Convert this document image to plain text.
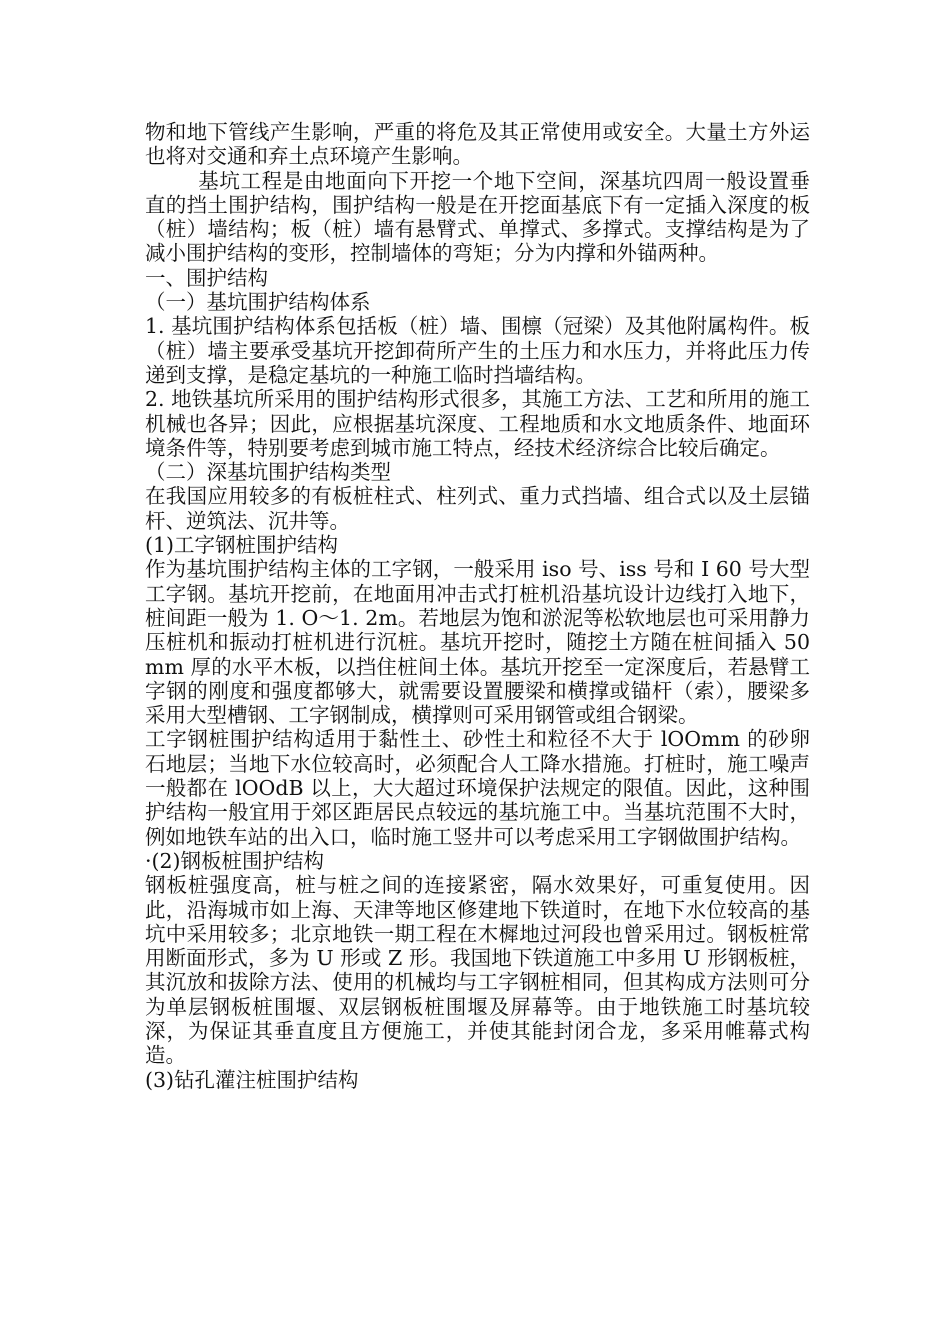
物和地下管线产生影响，严重的将危及其正常使用或安全。大量土方外运也将对交通和弃土点环境产生影响。

基坑工程是由地面向下开挖一个地下空间，深基坑四周一般设置垂直的挡土围护结构，围护结构一般是在开挖面基底下有一定插入深度的板（桩）墙结构；板（桩）墙有悬臂式、单撑式、多撑式。支撑结构是为了减小围护结构的变形，控制墙体的弯矩；分为内撑和外锚两种。

一、围护结构

（一）基坑围护结构体系

1. 基坑围护结构体系包括板（桩）墙、围檩（冠梁）及其他附属构件。板（桩）墙主要承受基坑开挖卸荷所产生的土压力和水压力，并将此压力传递到支撑，是稳定基坑的一种施工临时挡墙结构。

2. 地铁基坑所采用的围护结构形式很多，其施工方法、工艺和所用的施工机械也各异；因此，应根据基坑深度、工程地质和水文地质条件、地面环境条件等，特别要考虑到城市施工特点，经技术经济综合比较后确定。

（二）深基坑围护结构类型

在我国应用较多的有板桩柱式、柱列式、重力式挡墙、组合式以及土层锚杆、逆筑法、沉井等。

(1)工字钢桩围护结构

作为基坑围护结构主体的工字钢，一般采用 iso 号、iss 号和 I 60 号大型工字钢。基坑开挖前，在地面用冲击式打桩机沿基坑设计边线打入地下，桩间距一般为 1. O～1. 2m。若地层为饱和淤泥等松软地层也可采用静力压桩机和振动打桩机进行沉桩。基坑开挖时，随挖土方随在桩间插入 50mm 厚的水平木板，以挡住桩间土体。基坑开挖至一定深度后，若悬臂工字钢的刚度和强度都够大，就需要设置腰梁和横撑或锚杆（索），腰梁多采用大型槽钢、工字钢制成，横撑则可采用钢管或组合钢梁。

工字钢桩围护结构适用于黏性土、砂性土和粒径不大于 lOOmm 的砂卵石地层；当地下水位较高时，必须配合人工降水措施。打桩时，施工噪声一般都在 lOOdB 以上，大大超过环境保护法规定的限值。因此，这种围护结构一般宜用于郊区距居民点较远的基坑施工中。当基坑范围不大时，例如地铁车站的出入口，临时施工竖井可以考虑采用工字钢做围护结构。

·(2)钢板桩围护结构

钢板桩强度高，桩与桩之间的连接紧密，隔水效果好，可重复使用。因此，沿海城市如上海、天津等地区修建地下铁道时，在地下水位较高的基坑中采用较多；北京地铁一期工程在木樨地过河段也曾采用过。钢板桩常用断面形式，多为 U 形或 Z 形。我国地下铁道施工中多用 U 形钢板桩，其沉放和拔除方法、使用的机械均与工字钢桩相同，但其构成方法则可分为单层钢板桩围堰、双层钢板桩围堰及屏幕等。由于地铁施工时基坑较深，为保证其垂直度且方便施工，并使其能封闭合龙，多采用帷幕式构造。

(3)钻孔灌注桩围护结构
